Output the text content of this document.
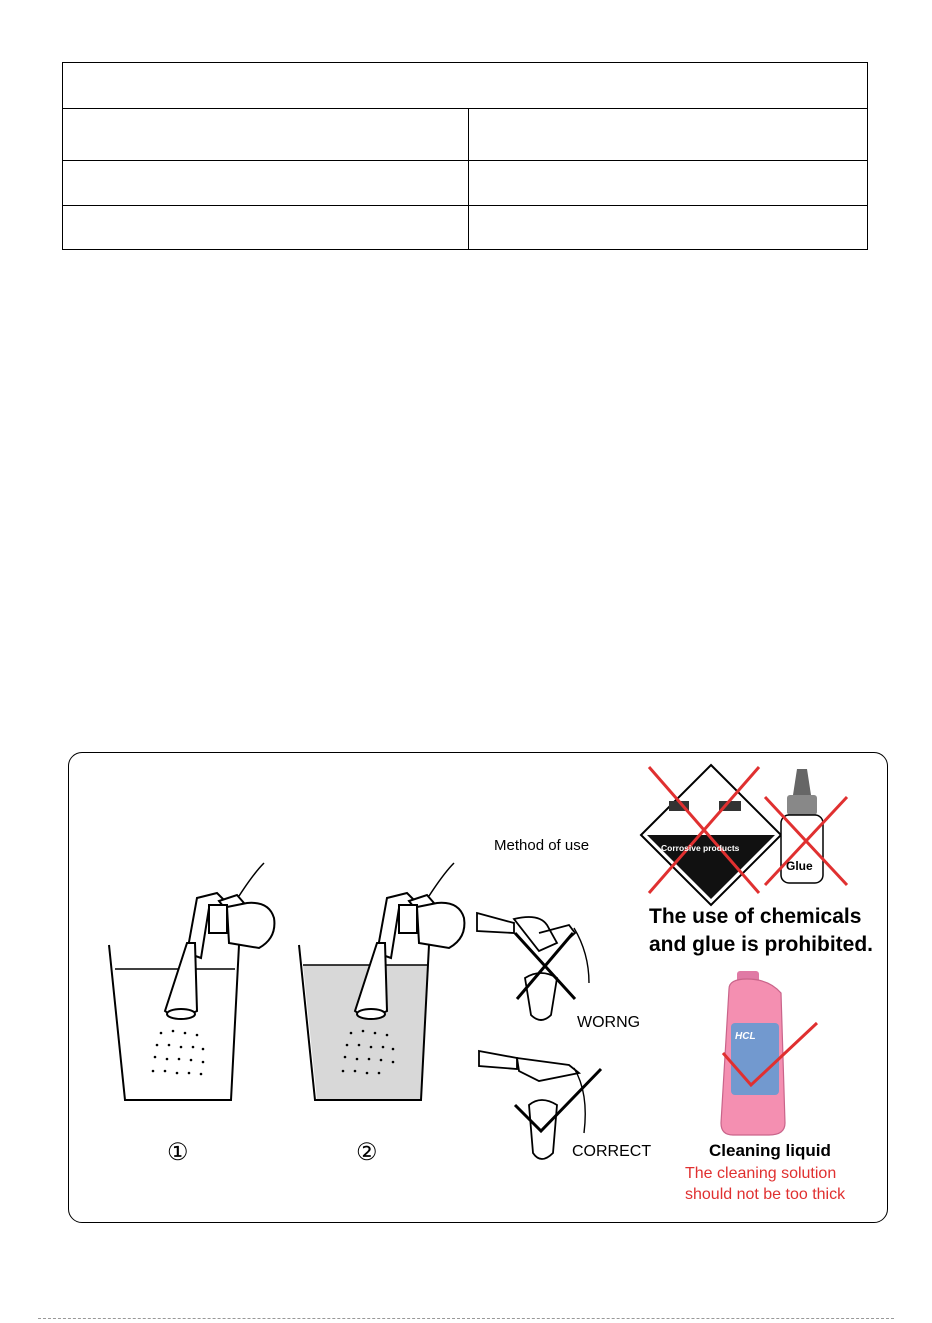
Method of use
①	②
WORNG
CORRECT
Corrosive products
Glue
HCL
The use of chemicals
and glue is prohibited.
Cleaning liquid
The cleaning solution
should not be too thick
